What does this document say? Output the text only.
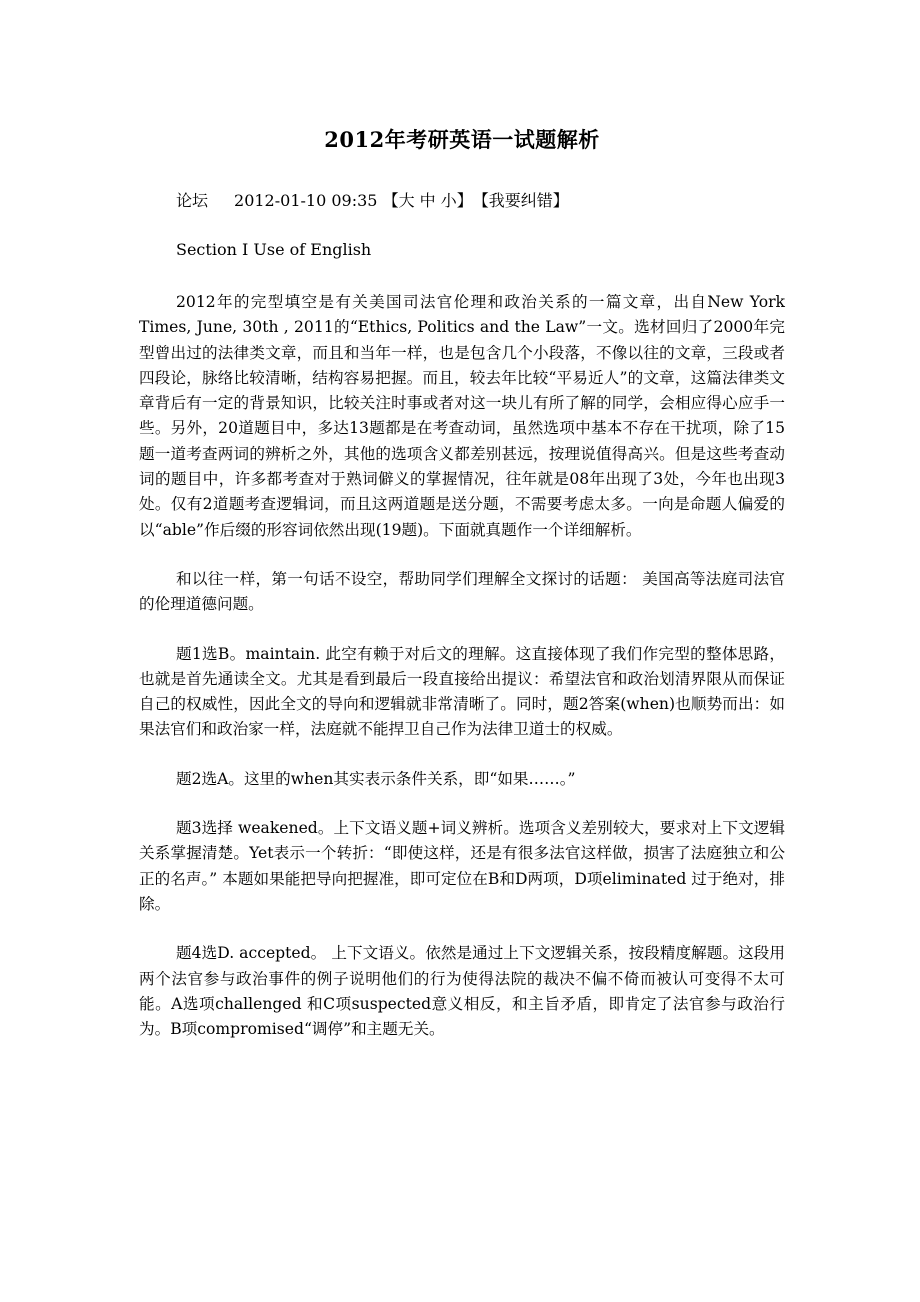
2012年考研英语一试题解析

论坛 2012-01-10 09:35 【大 中 小】【我要纠错】

Section Ⅰ Use of English

2012年的完型填空是有关美国司法官伦理和政治关系的一篇文章，出自New York Times, June, 30th , 2011的“Ethics, Politics and the Law”一文。选材回归了2000年完型曾出过的法律类文章，而且和当年一样，也是包含几个小段落，不像以往的文章，三段或者四段论，脉络比较清晰，结构容易把握。而且，较去年比较“平易近人”的文章，这篇法律类文章背后有一定的背景知识，比较关注时事或者对这一块儿有所了解的同学，会相应得心应手一些。另外，20道题目中，多达13题都是在考查动词，虽然选项中基本不存在干扰项，除了15题一道考查两词的辨析之外，其他的选项含义都差别甚远，按理说值得高兴。但是这些考查动词的题目中，许多都考查对于熟词僻义的掌握情况，往年就是08年出现了3处，今年也出现3处。仅有2道题考查逻辑词，而且这两道题是送分题，不需要考虑太多。一向是命题人偏爱的以“able”作后缀的形容词依然出现(19题)。下面就真题作一个详细解析。

和以往一样，第一句话不设空，帮助同学们理解全文探讨的话题： 美国高等法庭司法官的伦理道德问题。

题1选B。maintain. 此空有赖于对后文的理解。这直接体现了我们作完型的整体思路，也就是首先通读全文。尤其是看到最后一段直接给出提议：希望法官和政治划清界限从而保证自己的权威性，因此全文的导向和逻辑就非常清晰了。同时，题2答案(when)也顺势而出：如果法官们和政治家一样，法庭就不能捍卫自己作为法律卫道士的权威。

题2选A。这里的when其实表示条件关系，即“如果……。”

题3选择 weakened。上下文语义题+词义辨析。选项含义差别较大，要求对上下文逻辑关系掌握清楚。Yet表示一个转折：“即使这样，还是有很多法官这样做，损害了法庭独立和公正的名声。” 本题如果能把导向把握准，即可定位在B和D两项，D项eliminated 过于绝对，排除。

题4选D. accepted。 上下文语义。依然是通过上下文逻辑关系，按段精度解题。这段用两个法官参与政治事件的例子说明他们的行为使得法院的裁决不偏不倚而被认可变得不太可能。A选项challenged 和C项suspected意义相反，和主旨矛盾，即肯定了法官参与政治行为。B项compromised“调停”和主题无关。
